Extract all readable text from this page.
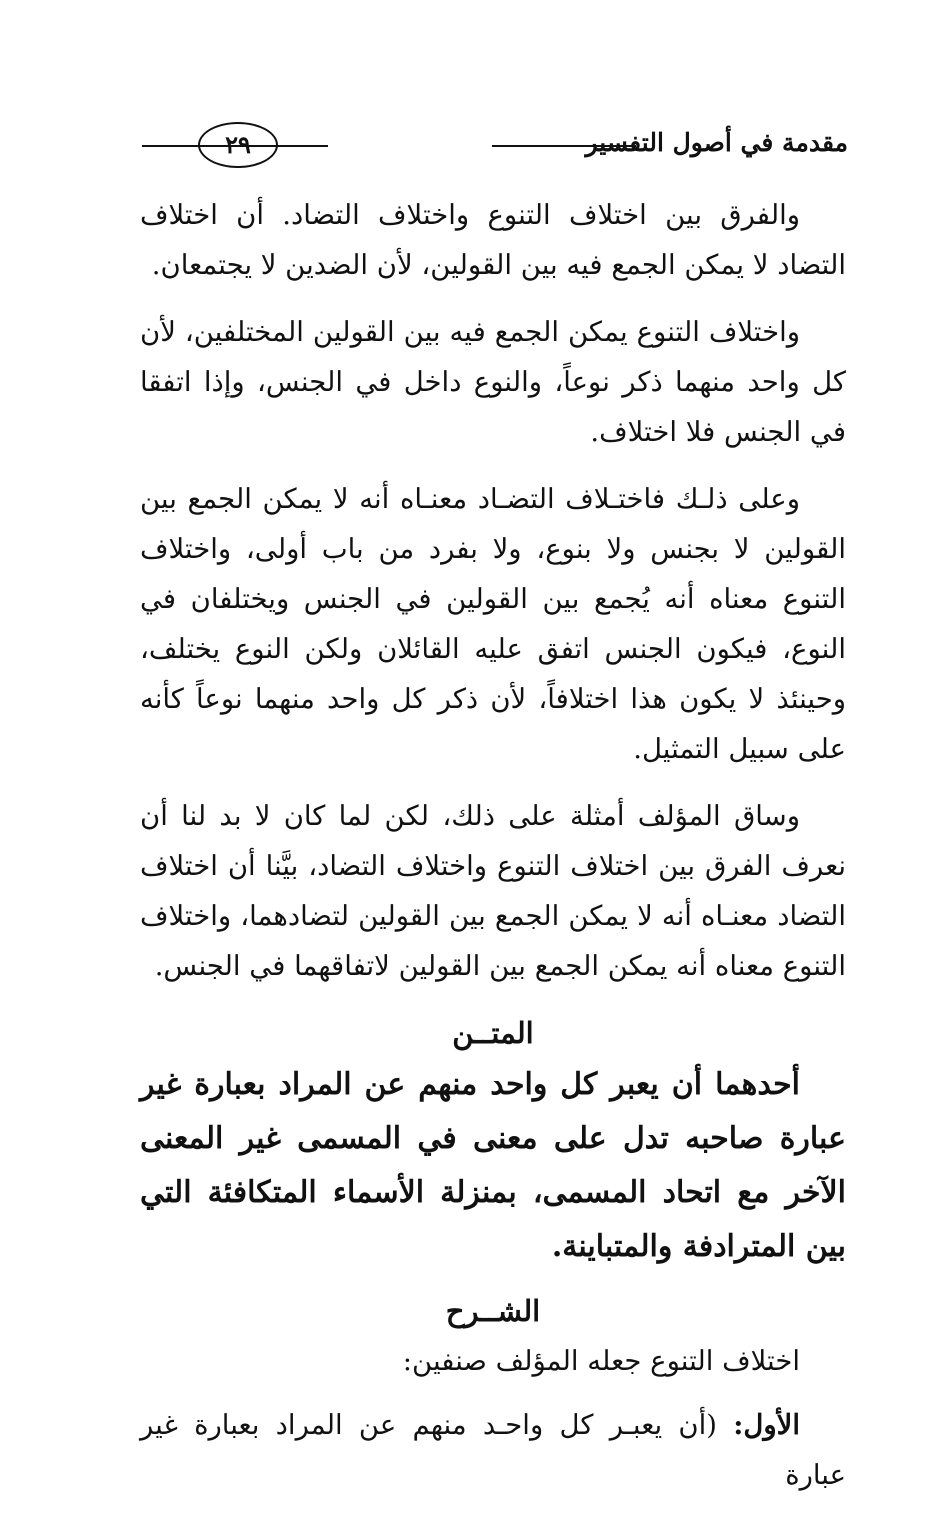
مقدمة في أصول التفسير
٢٩

والفرق بين اختلاف التنوع واختلاف التضاد. أن اختلاف التضاد لا يمكن الجمع فيه بين القولين، لأن الضدين لا يجتمعان.

واختلاف التنوع يمكن الجمع فيه بين القولين المختلفين، لأن كل واحد منهما ذكر نوعاً، والنوع داخل في الجنس، وإذا اتفقا في الجنس فلا اختلاف.

وعلى ذلـك فاختـلاف التضـاد معنـاه أنه لا يمكن الجمع بين القولين لا بجنس ولا بنوع، ولا بفرد من باب أولى، واختلاف التنوع معناه أنه يُجمع بين القولين في الجنس ويختلفان في النوع، فيكون الجنس اتفق عليه القائلان ولكن النوع يختلف، وحينئذ لا يكون هذا اختلافاً، لأن ذكر كل واحد منهما نوعاً كأنه على سبيل التمثيل.

وساق المؤلف أمثلة على ذلك، لكن لما كان لا بد لنا أن نعرف الفرق بين اختلاف التنوع واختلاف التضاد، بيَّنا أن اختلاف التضاد معنـاه أنه لا يمكن الجمع بين القولين لتضادهما، واختلاف التنوع معناه أنه يمكن الجمع بين القولين لاتفاقهما في الجنس.

المتــن

أحدهما أن يعبر كل واحد منهم عن المراد بعبارة غير عبارة صاحبه تدل على معنى في المسمى غير المعنى الآخر مع اتحاد المسمى، بمنزلة الأسماء المتكافئة التي بين المترادفة والمتباينة.

الشــرح

اختلاف التنوع جعله المؤلف صنفين:

الأول: (أن يعبـر كل واحـد منهم عن المراد بعبارة غير عبارة
